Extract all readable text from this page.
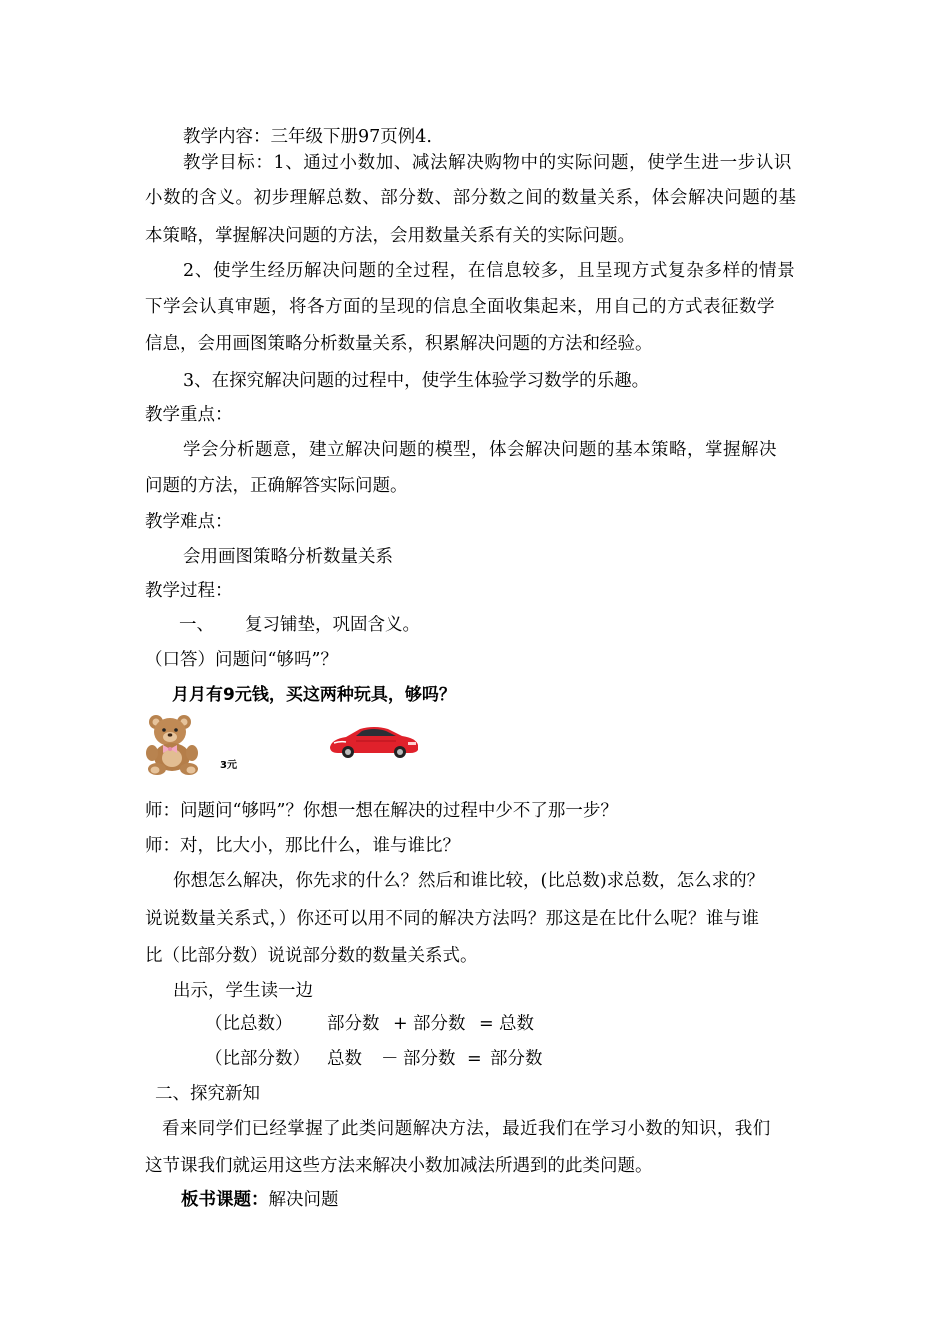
教学内容：三年级下册97页例4.
教学目标：1、通过小数加、减法解决购物中的实际问题，使学生进一步认识
小数的含义。初步理解总数、部分数、部分数之间的数量关系，体会解决问题的基
本策略，掌握解决问题的方法，会用数量关系有关的实际问题。
2、使学生经历解决问题的全过程，在信息较多，且呈现方式复杂多样的情景
下学会认真审题，将各方面的呈现的信息全面收集起来，用自己的方式表征数学
信息，会用画图策略分析数量关系，积累解决问题的方法和经验。
3、在探究解决问题的过程中，使学生体验学习数学的乐趣。
教学重点：
学会分析题意，建立解决问题的模型，体会解决问题的基本策略，掌握解决
问题的方法，正确解答实际问题。
教学难点：
会用画图策略分析数量关系
教学过程：
一、 复习铺垫，巩固含义。
（口答）问题问“够吗”？
月月有9元钱，买这两种玩具，够吗？
3元
师：问题问“够吗”？你想一想在解决的过程中少不了那一步？
师：对，比大小，那比什么，谁与谁比？
你想怎么解决，你先求的什么？然后和谁比较，(比总数)求总数，怎么求的？
说说数量关系式，）你还可以用不同的解决方法吗？那这是在比什么呢？谁与谁
比（比部分数）说说部分数的数量关系式。
出示，学生读一边
（比总数） 部分数 + 部分数 = 总数
（比部分数） 总数 － 部分数 = 部分数
二、探究新知
看来同学们已经掌握了此类问题解决方法，最近我们在学习小数的知识，我们
这节课我们就运用这些方法来解决小数加减法所遇到的此类问题。
板书课题：解决问题
